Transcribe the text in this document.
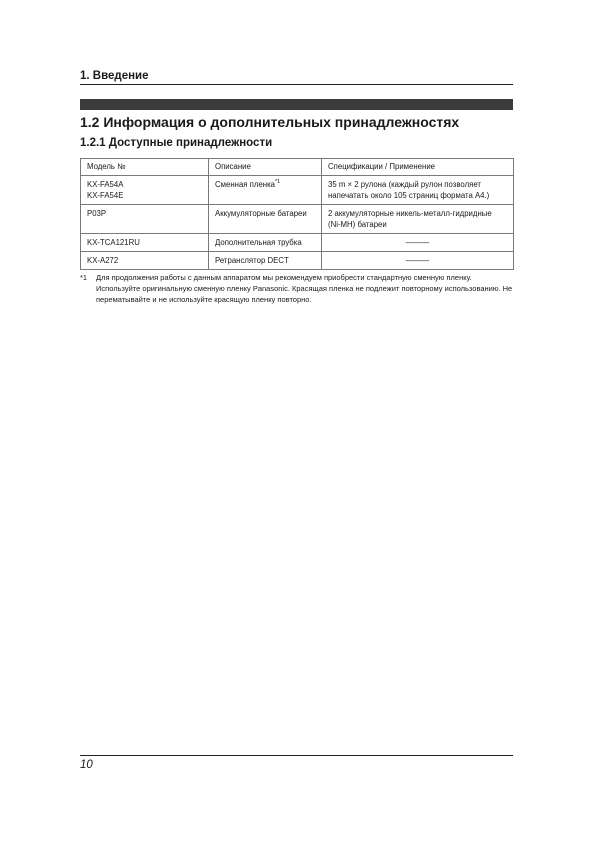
1. Введение
1.2 Информация о дополнительных принадлежностях
1.2.1 Доступные принадлежности
Модель №	Описание	Спецификации / Применение
KX-FA54A
KX-FA54E	Сменная пленка$^{*1}$	35 m × 2 рулона (каждый рулон позволяет
напечатать около 105 страниц формата A4.)
P03P	Аккумуляторные батареи	2 аккумуляторные никель-металл-гидридные
(Ni-MH) батареи
KX-TCA121RU	Дополнительная трубка	———
KX-A272	Ретранслятор DECT	———
*1 Для продолжения работы с данным аппаратом мы рекомендуем приобрести стандартную сменную пленку. Используйте оригинальную сменную пленку Panasonic. Красящая пленка не подлежит повторному использованию. Не перематывайте и не используйте красящую пленку повторно.
10
